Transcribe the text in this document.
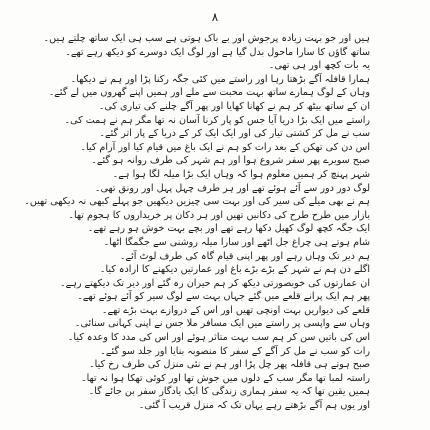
۸
ہیں اور جو بہت زیادہ پرجوش اور بے باک ہوتی ہے سب ہی ایک ساتھ چلتے ہیں۔
ساتھ گاؤں کا سارا ماحول بدل گیا ہے اور لوگ ایک دوسرے کو دیکھ رہے تھے۔
یہ بات کچھ اور ہی تھی۔
ہمارا قافلہ آگے بڑھتا رہا اور راستے میں کئی جگہ رکنا پڑا اور ہم نے دیکھا۔
وہاں کے لوگ ہمارے ساتھ بہت محبت سے ملے اور ہمیں اپنے گھروں میں لے گئے۔
ان کے ساتھ بیٹھ کر ہم نے کھانا کھایا اور پھر آگے چلنے کی تیاری کی۔
راستے میں ایک بڑا دریا آیا جس کو پار کرنا آسان نہ تھا مگر ہم نے ہمت کی۔
سب نے مل کر کشتی تیار کی اور ایک ایک کر کے دریا کے پار اتر گئے۔
اس دن کی تھکن کے بعد رات کو ہم نے ایک باغ میں قیام کیا اور آرام کیا۔
صبح سویرے پھر سفر شروع ہوا اور ہم شہر کی طرف روانہ ہو گئے۔
شہر پہنچ کر ہمیں معلوم ہوا کہ وہاں ایک بڑا میلہ لگا ہوا ہے۔
لوگ دور دور سے آئے ہوئے تھے اور ہر طرف چہل پہل اور رونق تھی۔
ہم نے بھی میلے کی سیر کی اور بہت سی چیزیں دیکھیں جو پہلے کبھی نہ دیکھی تھیں۔
بازار میں طرح طرح کی دکانیں تھیں اور ہر دکان پر خریداروں کا ہجوم تھا۔
ایک جگہ کچھ لوگ کھیل دکھا رہے تھے اور بچے بہت خوش ہو رہے تھے۔
شام ہوتے ہی چراغ جل اٹھے اور سارا میلہ روشنی سے جگمگا اٹھا۔
ہم دیر تک وہاں رہے اور پھر اپنی قیام گاہ کی طرف لوٹ آئے۔
اگلے دن ہم نے شہر کے بڑے بڑے باغ اور عمارتیں دیکھنے کا ارادہ کیا۔
ان عمارتوں کی خوبصورتی دیکھ کر ہم حیران رہ گئے اور دیر تک دیکھتے رہے۔
پھر ہم ایک پرانے قلعے میں گئے جہاں بہت سے لوگ سیر کو آئے ہوئے تھے۔
قلعے کی دیواریں بہت اونچی تھیں اور اس کے دروازے بہت بڑے تھے۔
وہاں سے واپسی پر راستے میں ایک مسافر ملا جس نے اپنی کہانی سنائی۔
اس کی باتیں سن کر ہم سب بہت متاثر ہوئے اور اس کی مدد کا وعدہ کیا۔
رات کو سب نے مل کر آگے کے سفر کا منصوبہ بنایا اور جلد سو گئے۔
صبح ہوتے ہی قافلہ پھر چل پڑا اور ہم نے نئی منزل کی طرف رخ کیا۔
راستہ لمبا تھا مگر سب کے دلوں میں جوش تھا اور کوئی تھکا ہوا نہ تھا۔
ہمیں یقین تھا کہ یہ سفر ہماری زندگی کا ایک یادگار سفر بن جائے گا۔
اور یوں ہم آگے بڑھتے رہے یہاں تک کہ منزل قریب آ گئی۔
